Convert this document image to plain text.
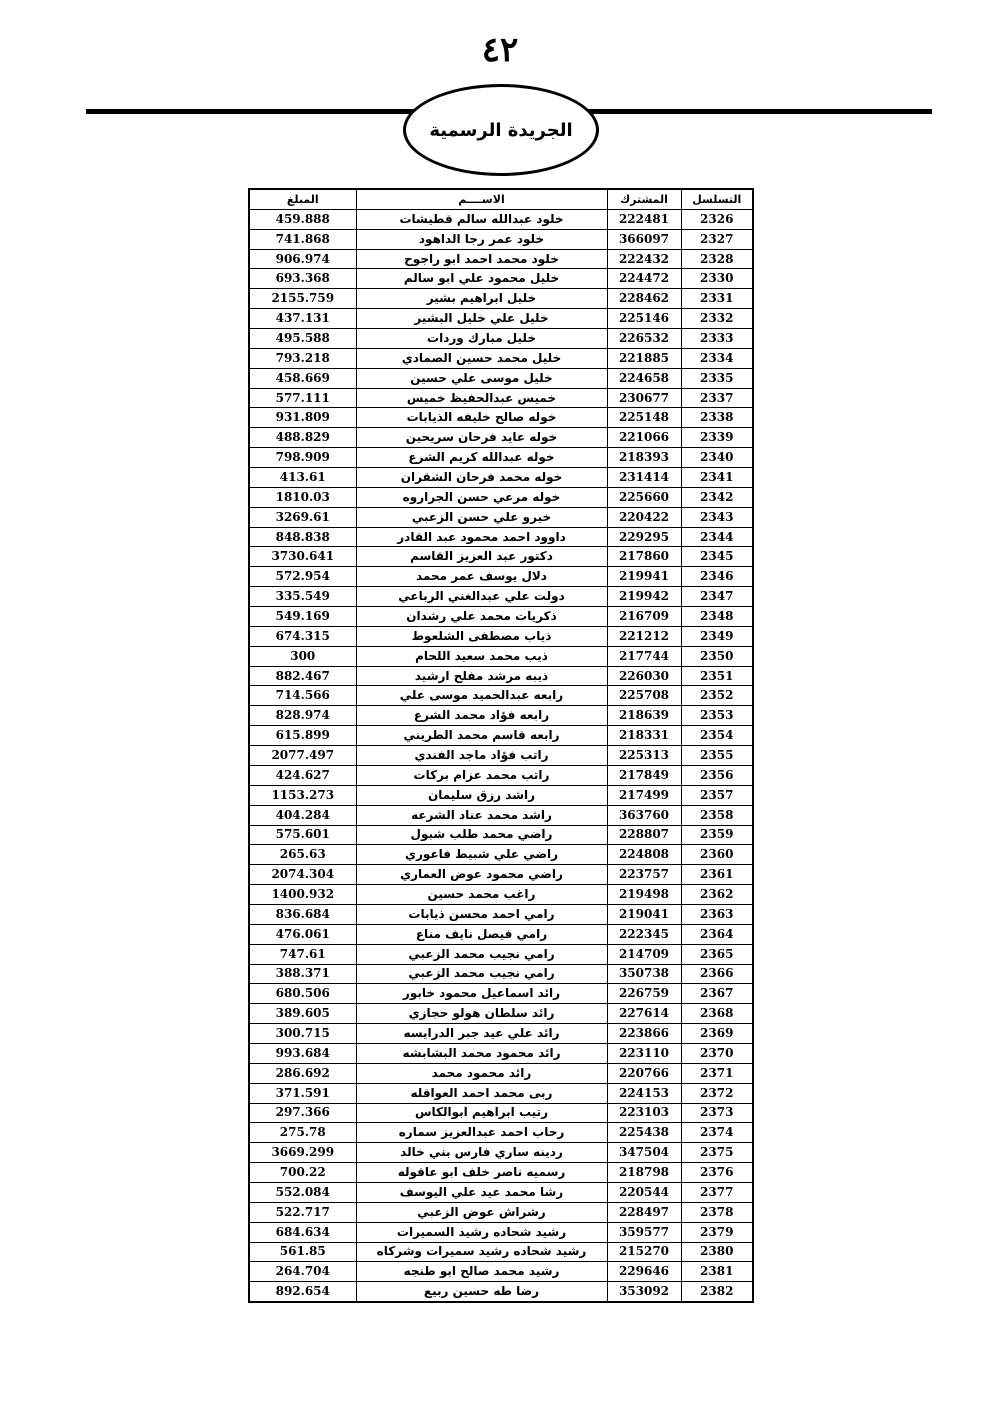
٤٢
الجريدة الرسمية
التسلسل	المشترك	الاســــم	المبلغ
2326	222481	خلود عبدالله سالم قطيشات	459.888
2327	366097	خلود عمر رجا الداهود	741.868
2328	222432	خلود محمد احمد ابو راجوح	906.974
2330	224472	خليل محمود علي ابو سالم	693.368
2331	228462	خليل ابراهيم بشير	2155.759
2332	225146	خليل علي خليل البشير	437.131
2333	226532	خليل مبارك وردات	495.588
2334	221885	خليل محمد حسين الصمادي	793.218
2335	224658	خليل موسى علي حسين	458.669
2337	230677	خميس عبدالحفيظ خميس	577.111
2338	225148	خوله صالح خليفه الذيابات	931.809
2339	221066	خوله عايد فرحان سريحين	488.829
2340	218393	خوله عبدالله كريم الشرع	798.909
2341	231414	خوله محمد فرحان الشقران	413.61
2342	225660	خوله مرعي حسن الجراروه	1810.03
2343	220422	خيرو علي حسن الزعبي	3269.61
2344	229295	داوود احمد محمود عبد القادر	848.838
2345	217860	دكتور عبد العزيز القاسم	3730.641
2346	219941	دلال يوسف عمر محمد	572.954
2347	219942	دولت علي عبدالغني الرباعي	335.549
2348	216709	ذكريات محمد علي رشدان	549.169
2349	221212	ذياب مصطفى الشلعوط	674.315
2350	217744	ذيب محمد سعيد اللحام	300
2351	226030	ذيبه مرشد مفلح ارشيد	882.467
2352	225708	رابعه عبدالحميد موسى علي	714.566
2353	218639	رابعه فؤاد محمد الشرع	828.974
2354	218331	رابعه قاسم محمد الطريني	615.899
2355	225313	راتب فؤاد ماجد الفندي	2077.497
2356	217849	راتب محمد عزام بركات	424.627
2357	217499	راشد رزق سليمان	1153.273
2358	363760	راشد محمد عناد الشرعه	404.284
2359	228807	راضي محمد طلب شبول	575.601
2360	224808	راضي علي شبيط فاعوري	265.63
2361	223757	راضي محمود عوض العماري	2074.304
2362	219498	راغب محمد حسين	1400.932
2363	219041	رامي احمد محسن ذيابات	836.684
2364	222345	رامي فيصل نايف مناع	476.061
2365	214709	رامي نجيب محمد الزعبي	747.61
2366	350738	رامي نجيب محمد الزعبي	388.371
2367	226759	رائد اسماعيل محمود خابور	680.506
2368	227614	رائد سلطان هولو حجازي	389.605
2369	223866	رائد علي عيد جبر الدرايسه	300.715
2370	223110	رائد محمود محمد البشابشه	993.684
2371	220766	رائد محمود محمد	286.692
2372	224153	ربى محمد احمد العواقله	371.591
2373	223103	رتيب ابراهيم ابوالكاس	297.366
2374	225438	رحاب احمد عبدالعزيز سماره	275.78
2375	347504	ردينه ساري فارس بني خالد	3669.299
2376	218798	رسميه ناصر خلف ابو عاقوله	700.22
2377	220544	رشا محمد عيد علي اليوسف	552.084
2378	228497	رشراش عوض الزعبي	522.717
2379	359577	رشيد شحاده رشيد السميرات	684.634
2380	215270	رشيد شحاده رشيد سميرات وشركاه	561.85
2381	229646	رشيد محمد صالح ابو طنجه	264.704
2382	353092	رضا طه حسين ربيع	892.654
